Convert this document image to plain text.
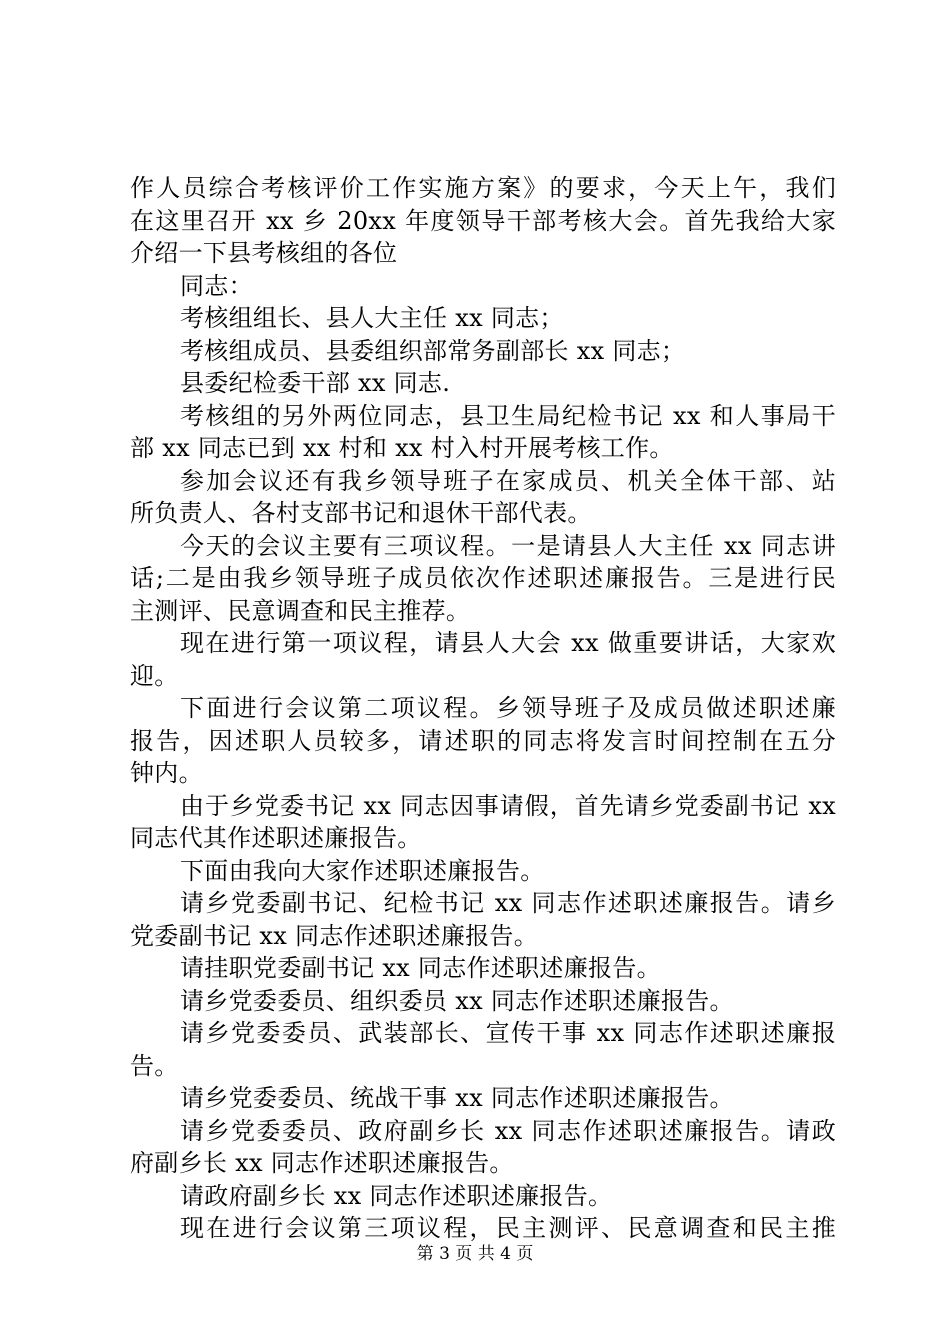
作人员综合考核评价工作实施方案》的要求，今天上午，我们
在这里召开 xx 乡 20xx 年度领导干部考核大会。首先我给大家
介绍一下县考核组的各位
同志：
考核组组长、县人大主任 xx 同志；
考核组成员、县委组织部常务副部长 xx 同志；
县委纪检委干部 xx 同志.
考核组的另外两位同志，县卫生局纪检书记 xx 和人事局干
部 xx 同志已到 xx 村和 xx 村入村开展考核工作。
参加会议还有我乡领导班子在家成员、机关全体干部、站
所负责人、各村支部书记和退休干部代表。
今天的会议主要有三项议程。一是请县人大主任 xx 同志讲
话;二是由我乡领导班子成员依次作述职述廉报告。三是进行民
主测评、民意调查和民主推荐。
现在进行第一项议程，请县人大会 xx 做重要讲话，大家欢
迎。
下面进行会议第二项议程。乡领导班子及成员做述职述廉
报告，因述职人员较多，请述职的同志将发言时间控制在五分
钟内。
由于乡党委书记 xx 同志因事请假，首先请乡党委副书记 xx
同志代其作述职述廉报告。
下面由我向大家作述职述廉报告。
请乡党委副书记、纪检书记 xx 同志作述职述廉报告。请乡
党委副书记 xx 同志作述职述廉报告。
请挂职党委副书记 xx 同志作述职述廉报告。
请乡党委委员、组织委员 xx 同志作述职述廉报告。
请乡党委委员、武装部长、宣传干事 xx 同志作述职述廉报
告。
请乡党委委员、统战干事 xx 同志作述职述廉报告。
请乡党委委员、政府副乡长 xx 同志作述职述廉报告。请政
府副乡长 xx 同志作述职述廉报告。
请政府副乡长 xx 同志作述职述廉报告。
现在进行会议第三项议程，民主测评、民意调查和民主推
第 3 页 共 4 页
